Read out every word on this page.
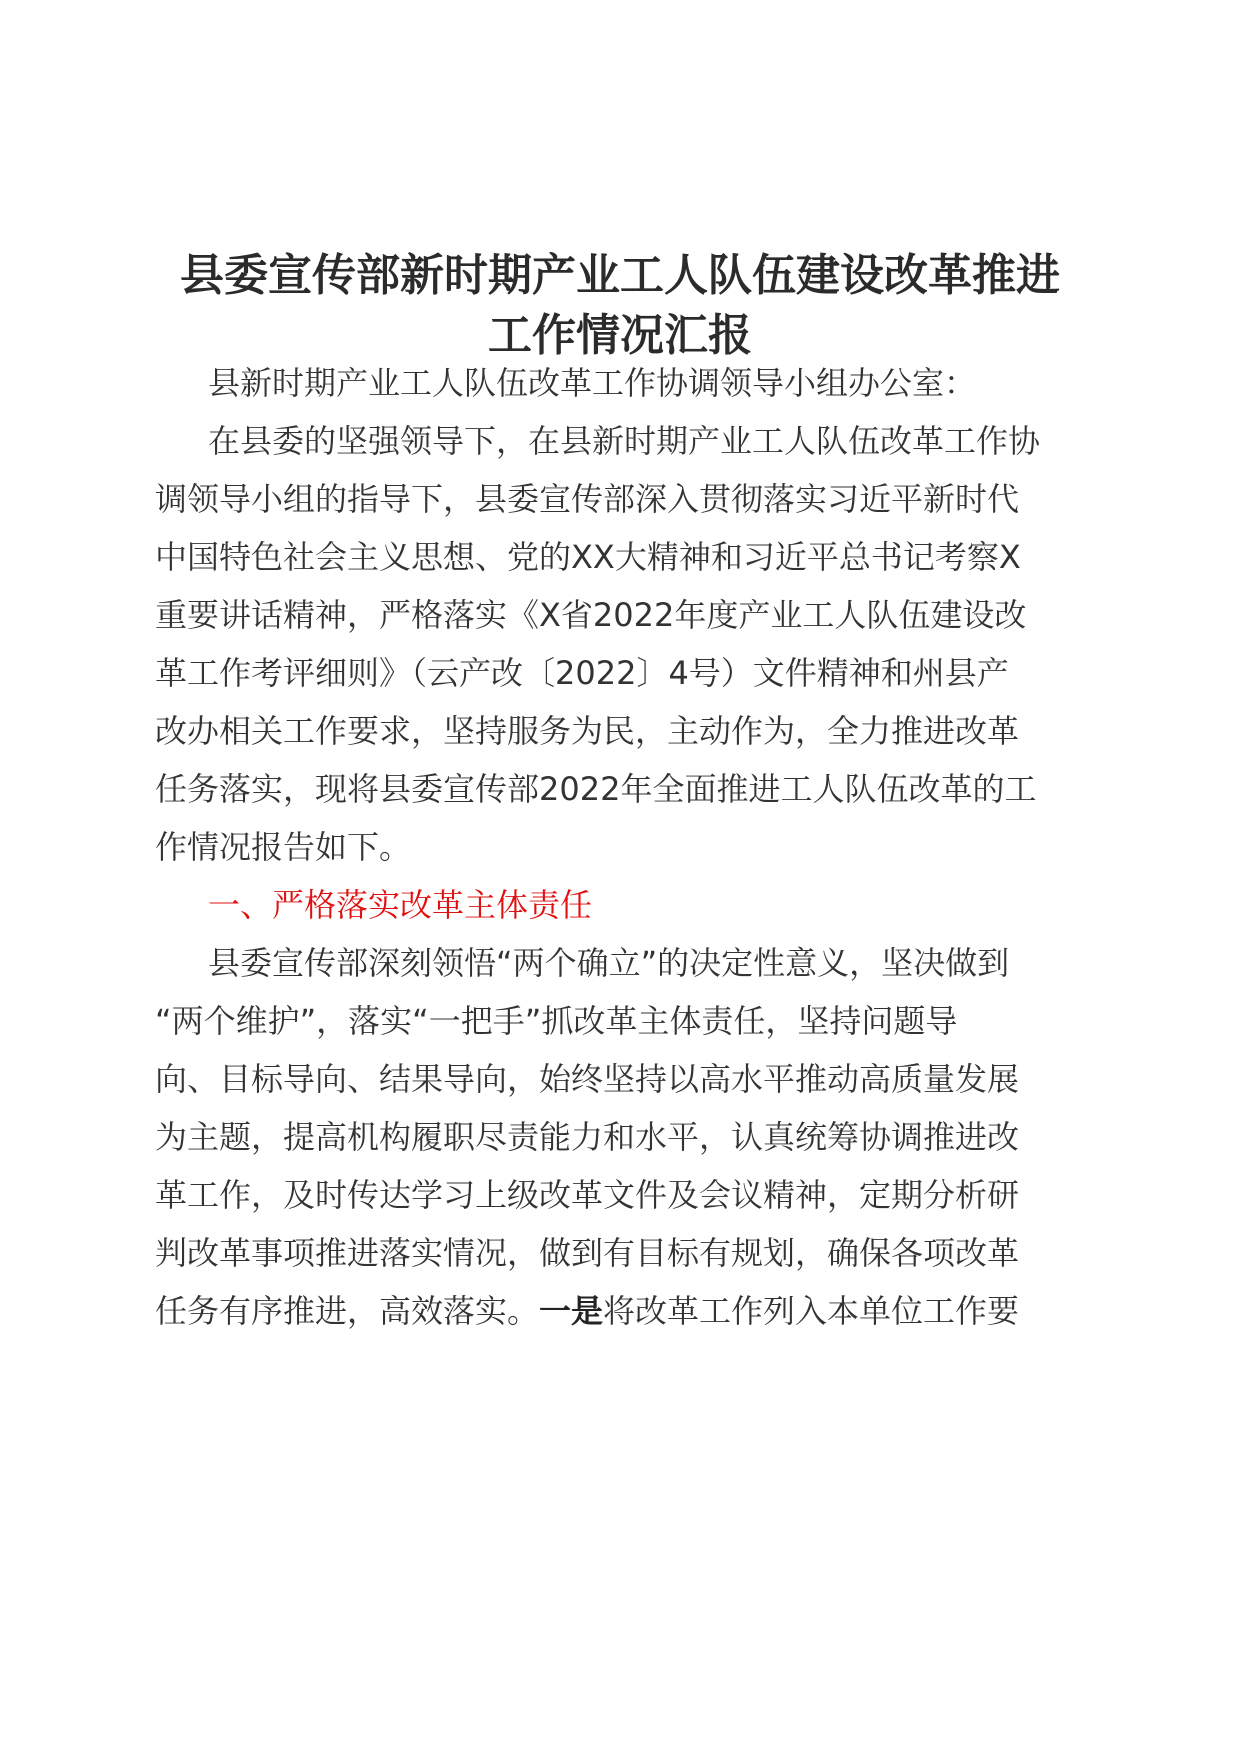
县委宣传部新时期产业工人队伍建设改革推进
工作情况汇报
县新时期产业工人队伍改革工作协调领导小组办公室：
在县委的坚强领导下，在县新时期产业工人队伍改革工作协
调领导小组的指导下，县委宣传部深入贯彻落实习近平新时代
中国特色社会主义思想、党的XX大精神和习近平总书记考察X
重要讲话精神，严格落实《X省2022年度产业工人队伍建设改
革工作考评细则》（云产改〔2022〕4号）文件精神和州县产
改办相关工作要求，坚持服务为民，主动作为，全力推进改革
任务落实，现将县委宣传部2022年全面推进工人队伍改革的工
作情况报告如下。
一、严格落实改革主体责任
县委宣传部深刻领悟“两个确立”的决定性意义，坚决做到
“两个维护”，落实“一把手”抓改革主体责任，坚持问题导
向、目标导向、结果导向，始终坚持以高水平推动高质量发展
为主题，提高机构履职尽责能力和水平，认真统筹协调推进改
革工作，及时传达学习上级改革文件及会议精神，定期分析研
判改革事项推进落实情况，做到有目标有规划，确保各项改革
任务有序推进，高效落实。一是将改革工作列入本单位工作要
